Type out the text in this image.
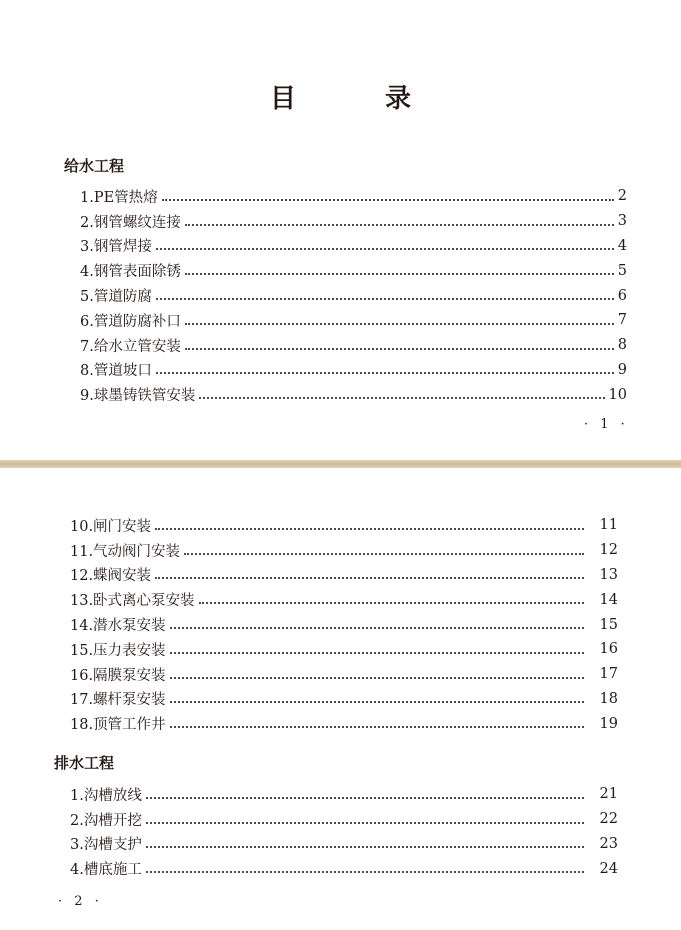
目 录
给水工程
1.PE管热熔	2
2.钢管螺纹连接	3
3.钢管焊接	4
4.钢管表面除锈	5
5.管道防腐	6
6.管道防腐补口	7
7.给水立管安装	8
8.管道坡口	9
9.球墨铸铁管安装	10
· 1 ·
10.闸门安装	11
11.气动阀门安装	12
12.蝶阀安装	13
13.卧式离心泵安装	14
14.潜水泵安装	15
15.压力表安装	16
16.隔膜泵安装	17
17.螺杆泵安装	18
18.顶管工作井	19
排水工程
1.沟槽放线	21
2.沟槽开挖	22
3.沟槽支护	23
4.槽底施工	24
· 2 ·
